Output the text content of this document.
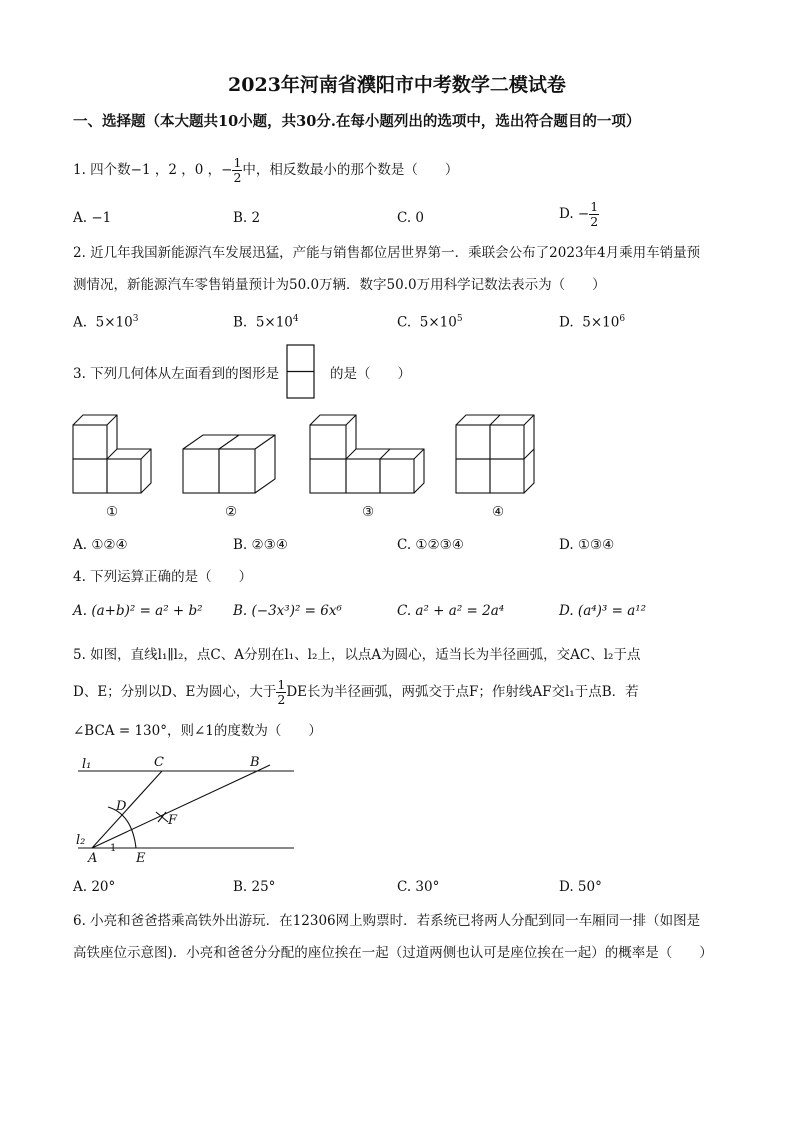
2023年河南省濮阳市中考数学二模试卷
一、选择题（本大题共10小题，共30分.在每小题列出的选项中，选出符合题目的一项）
1. 四个数−1 ，2 ，0 ，− $\frac{1}{2}$ 中，相反数最小的那个数是（　　）
A. −1	B. 2	C. 0	D. − $\frac{1}{2}$
2. 近几年我国新能源汽车发展迅猛，产能与销售都位居世界第一．乘联会公布了2023年4月乘用车销量预
测情况，新能源汽车零售销量预计为50.0万辆．数字50.0万用科学记数法表示为（　　）
A. $5\times 10^3$	B. $5\times 10^4$	C. $5\times 10^5$	D. $5\times 10^6$
3. 下列几何体从左面看到的图形是	的是（　　）
①	②	③	④
A. ①②④	B. ②③④	C. ①②③④	D. ①③④
4. 下列运算正确的是（　　）
A. (a+b)² = a² + b² B. (−3x³)² = 6x⁶	C. a² + a² = 2a⁴	D. (a⁴)³ = a¹²
5. 如图，直线l₁∥l₂，点C、A分别在l₁、l₂上，以点A为圆心，适当长为半径画弧，交AC、l₂于点
D、E；分别以D、E为圆心，大于 $\frac{1}{2}$ DE长为半径画弧，两弧交于点F；作射线AF交l₁于点B．若
∠BCA = 130°，则∠1的度数为（　　）
l₁	C	B
D
F
l₂
A	E
1
A. 20°	B. 25°	C. 30°	D. 50°
6. 小亮和爸爸搭乘高铁外出游玩．在12306网上购票时．若系统已将两人分配到同一车厢同一排（如图是
高铁座位示意图)．小亮和爸爸分分配的座位挨在一起（过道两侧也认可是座位挨在一起）的概率是（　　）
